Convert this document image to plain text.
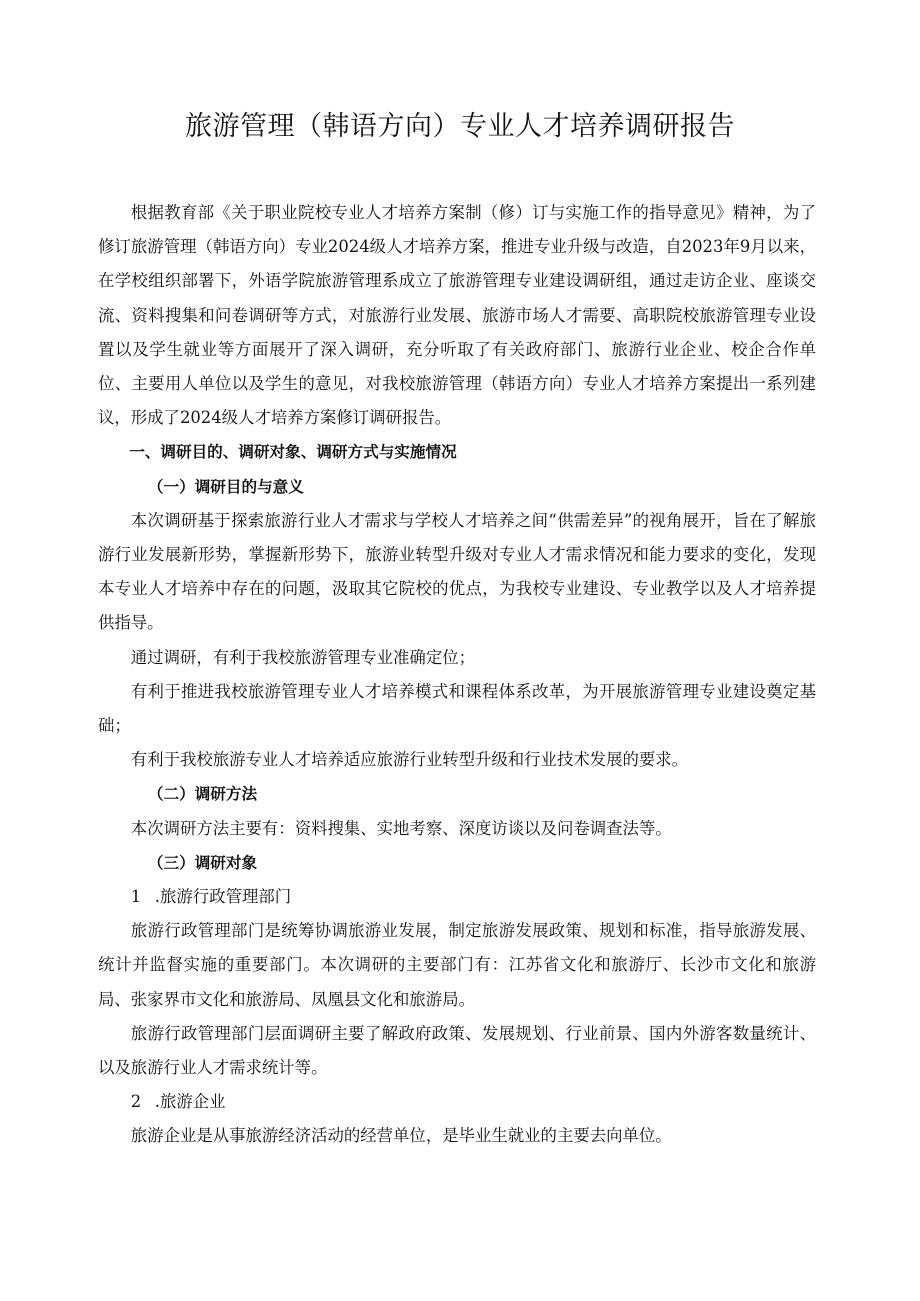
旅游管理（韩语方向）专业人才培养调研报告

根据教育部《关于职业院校专业人才培养方案制（修）订与实施工作的指导意见》精神，为了修订旅游管理（韩语方向）专业2024级人才培养方案，推进专业升级与改造，自2023年9月以来，在学校组织部署下，外语学院旅游管理系成立了旅游管理专业建设调研组，通过走访企业、座谈交流、资料搜集和问卷调研等方式，对旅游行业发展、旅游市场人才需要、高职院校旅游管理专业设置以及学生就业等方面展开了深入调研，充分听取了有关政府部门、旅游行业企业、校企合作单位、主要用人单位以及学生的意见，对我校旅游管理（韩语方向）专业人才培养方案提出一系列建议，形成了2024级人才培养方案修订调研报告。

一、调研目的、调研对象、调研方式与实施情况

（一）调研目的与意义

本次调研基于探索旅游行业人才需求与学校人才培养之间“供需差异”的视角展开，旨在了解旅游行业发展新形势，掌握新形势下，旅游业转型升级对专业人才需求情况和能力要求的变化，发现本专业人才培养中存在的问题，汲取其它院校的优点，为我校专业建设、专业教学以及人才培养提供指导。

通过调研，有利于我校旅游管理专业准确定位；

有利于推进我校旅游管理专业人才培养模式和课程体系改革，为开展旅游管理专业建设奠定基础；

有利于我校旅游专业人才培养适应旅游行业转型升级和行业技术发展的要求。

（二）调研方法

本次调研方法主要有：资料搜集、实地考察、深度访谈以及问卷调查法等。

（三）调研对象

1 .旅游行政管理部门

旅游行政管理部门是统筹协调旅游业发展，制定旅游发展政策、规划和标准，指导旅游发展、统计并监督实施的重要部门。本次调研的主要部门有：江苏省文化和旅游厅、长沙市文化和旅游局、张家界市文化和旅游局、凤凰县文化和旅游局。

旅游行政管理部门层面调研主要了解政府政策、发展规划、行业前景、国内外游客数量统计、以及旅游行业人才需求统计等。

2 .旅游企业

旅游企业是从事旅游经济活动的经营单位，是毕业生就业的主要去向单位。
